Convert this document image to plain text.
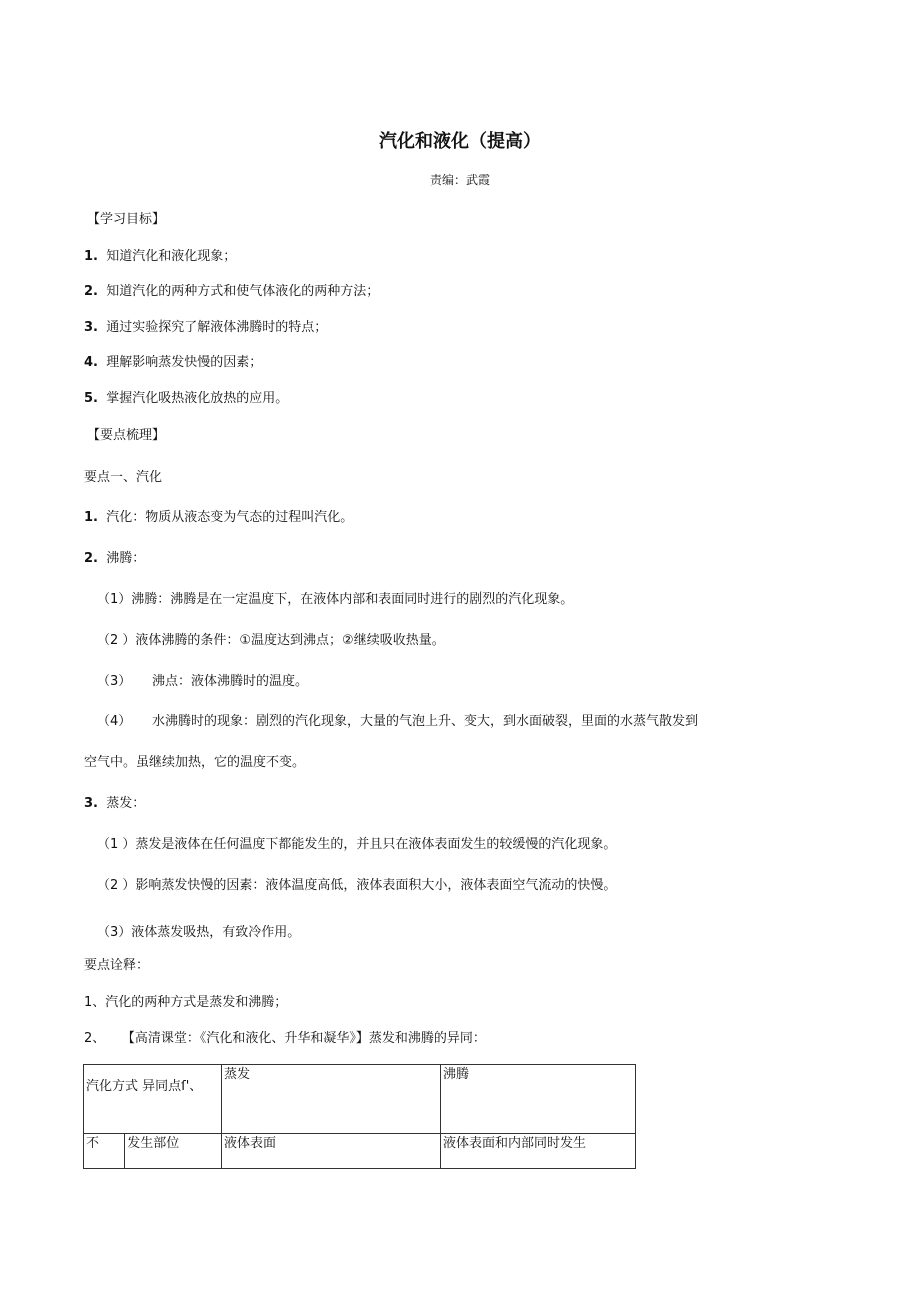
汽化和液化（提高）
责编：武霞
【学习目标】
1. 知道汽化和液化现象；
2. 知道汽化的两种方式和使气体液化的两种方法；
3. 通过实验探究了解液体沸腾时的特点；
4. 理解影响蒸发快慢的因素；
5. 掌握汽化吸热液化放热的应用。
【要点梳理】
要点一、汽化
1. 汽化：物质从液态变为气态的过程叫汽化。
2. 沸腾：
（1）沸腾：沸腾是在一定温度下，在液体内部和表面同时进行的剧烈的汽化现象。
（2 ）液体沸腾的条件：①温度达到沸点；②继续吸收热量。
（3） 沸点：液体沸腾时的温度。
（4） 水沸腾时的现象：剧烈的汽化现象，大量的气泡上升、变大，到水面破裂，里面的水蒸气散发到
空气中。虽继续加热，它的温度不变。
3. 蒸发：
（1 ）蒸发是液体在任何温度下都能发生的，并且只在液体表面发生的较缓慢的汽化现象。
（2 ）影响蒸发快慢的因素：液体温度高低，液体表面积大小，液体表面空气流动的快慢。
（3）液体蒸发吸热，有致冷作用。
要点诠释：
1、汽化的两种方式是蒸发和沸腾；
2、 【高清课堂：《汽化和液化、升华和凝华》】蒸发和沸腾的异同：
汽化方式 异同点ſ'、		蒸发	沸腾
不	发生部位	液体表面	液体表面和内部同时发生
